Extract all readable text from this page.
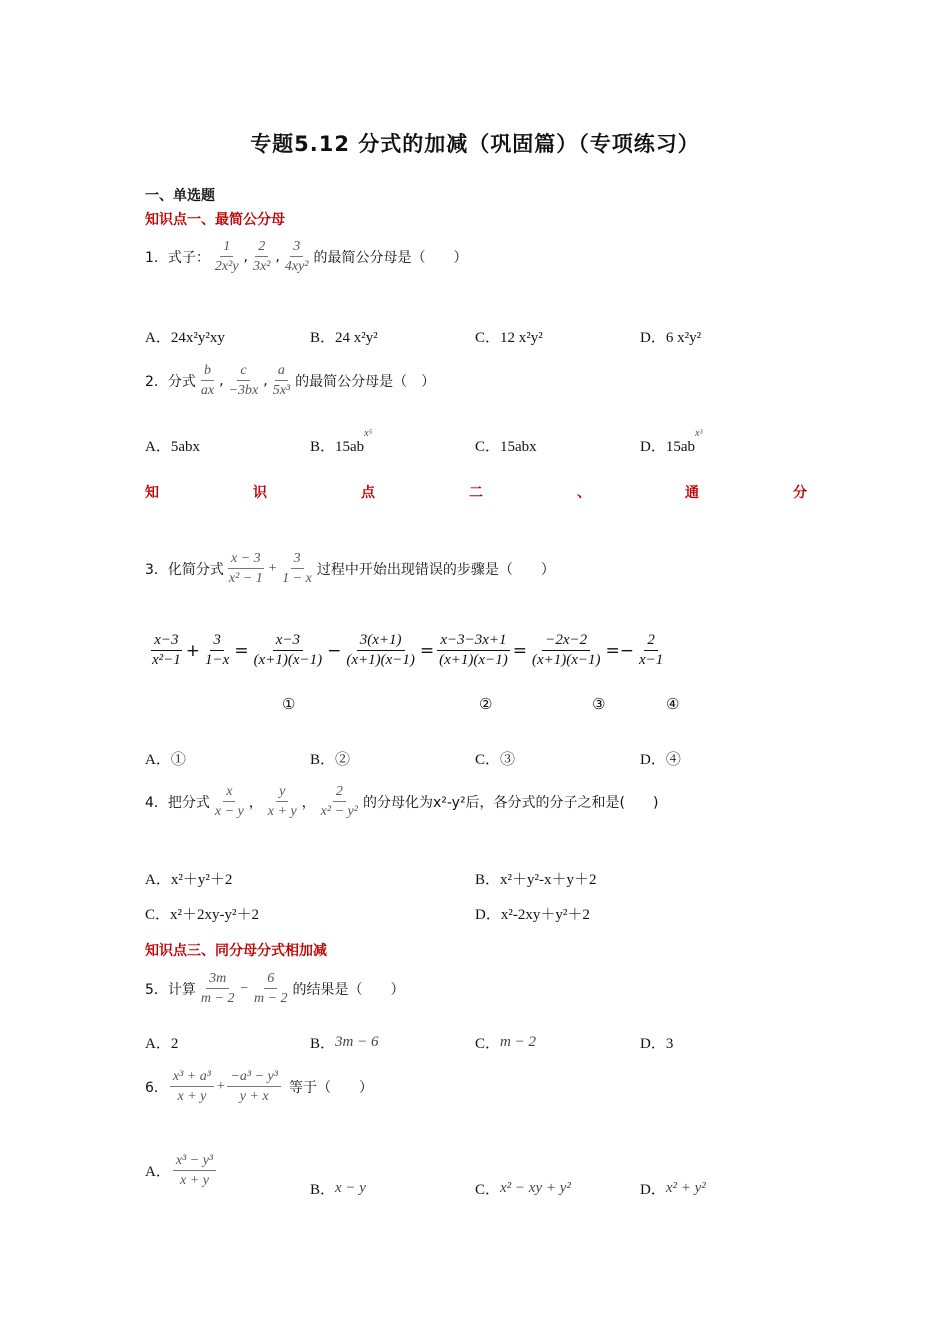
专题5.12 分式的加减（巩固篇）（专项练习）
一、单选题
知识点一、最简公分母
1．式子： $\frac{1}{\text{2x²y}}$ , $\frac{2}{\text{3x²}}$ , $\frac{3}{\text{4xy²}}$ 的最简公分母是（　　）
A．24x²y²xy	B．24 x²y²	C．12 x²y²	D．6 x²y²
2．分式 $\frac{b}{ax}$ , $\frac{c}{-3bx}$ , $\frac{a}{\text{5x³}}$ 的最简公分母是（　）
A．5abx	B．15ab
x⁵
C．15abx	D．15ab
x³
知	识	点	二	、	通	分
3．化简分式 $\frac{x - 3}{\text{x² − 1}} + \frac{3}{1 - x}$ 过程中开始出现错误的步骤是（　　）
$\frac{x-3}{\text{x²−1}} + \frac{3}{1-x} = \frac{x-3}{(x+1)(x-1)} - \frac{3(x+1)}{(x+1)(x-1)} = \frac{x-3-3x+1}{(x+1)(x-1)} = \frac{-2x-2}{(x+1)(x-1)}$ = − $\frac{2}{x-1}$
①	②	③	④
A．①	B．②	C．③	D．④
4．把分式 $\frac{x}{x - y}$ ， $\frac{y}{x + y}$ ， $\frac{2}{\text{x² − y²}}$ 的分母化为x²-y²后，各分式的分子之和是(　　)
A．x²＋y²＋2	B．x²＋y²-x＋y＋2
C．x²＋2xy-y²＋2	D．x²-2xy＋y²＋2
知识点三、同分母分式相加减
5．计算 $\frac{3m}{m - 2} - \frac{6}{m - 2}$ 的结果是（　　）
A．2	B． 3m − 6	C． m − 2	D．3
6． $\frac{\text{x³ + a³}}{x + y} + \frac{\text{−a³ − y³}}{y + x}$ 等于（　　）
A． $\frac{\text{x³ − y³}}{x + y}$
B． x − y	C． x² − xy + y²	D． x² + y²
